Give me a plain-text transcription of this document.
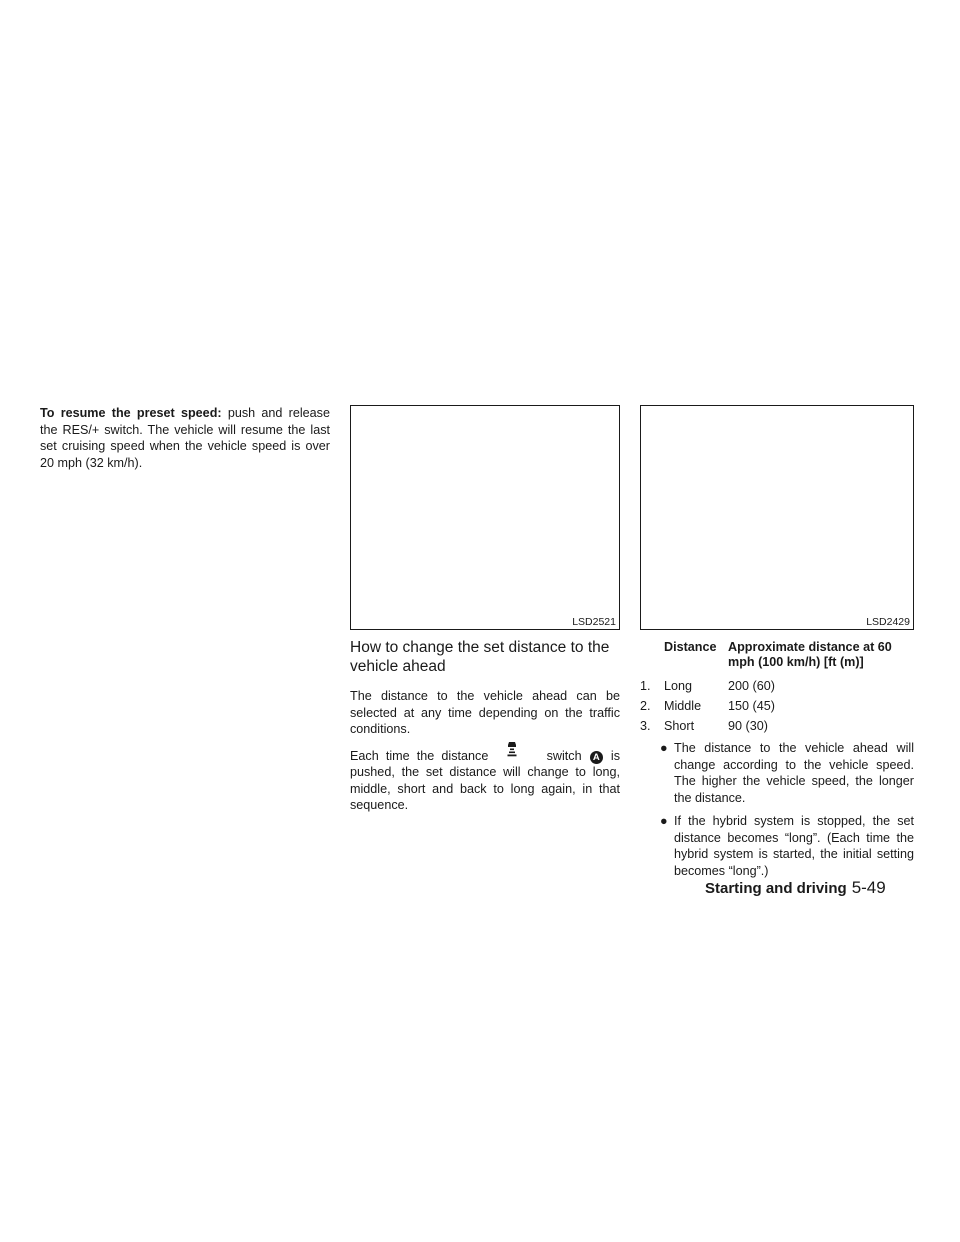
To resume the preset speed: push and release the RES/+ switch. The vehicle will resume the last set cruising speed when the vehicle speed is over 20 mph (32 km/h).

LSD2521
How to change the set distance to the vehicle ahead

The distance to the vehicle ahead can be selected at any time depending on the traffic conditions.

Each time the distance	switch A is pushed, the set distance will change to long, middle, short and back to long again, in that sequence.

LSD2429
	Distance	Approximate distance at 60 mph (100 km/h) [ft (m)]
1.	Long	200 (60)
2.	Middle	150 (45)
3.	Short	90 (30)
● The distance to the vehicle ahead will change according to the vehicle speed. The higher the vehicle speed, the longer the distance.
● If the hybrid system is stopped, the set distance becomes “long”. (Each time the hybrid system is started, the initial setting becomes “long”.)
Starting and driving 5-49
